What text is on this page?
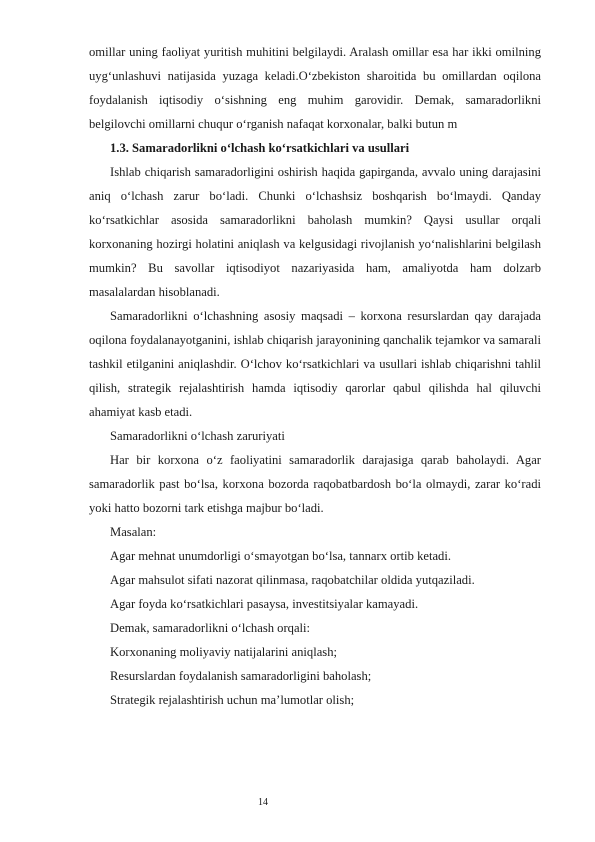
omillar uning faoliyat yuritish muhitini belgilaydi. Aralash omillar esa har ikki omilning uyg‘unlashuvi natijasida yuzaga keladi.O‘zbekiston sharoitida bu omillardan oqilona foydalanish iqtisodiy o‘sishning eng muhim garovidir. Demak, samaradorlikni belgilovchi omillarni chuqur o‘rganish nafaqat korxonalar, balki butun m

1.3. Samaradorlikni o‘lchash ko‘rsatkichlari va usullari

Ishlab chiqarish samaradorligini oshirish haqida gapirganda, avvalo uning darajasini aniq o‘lchash zarur bo‘ladi. Chunki o‘lchashsiz boshqarish bo‘lmaydi. Qanday ko‘rsatkichlar asosida samaradorlikni baholash mumkin? Qaysi usullar orqali korxonaning hozirgi holatini aniqlash va kelgusidagi rivojlanish yo‘nalishlarini belgilash mumkin? Bu savollar iqtisodiyot nazariyasida ham, amaliyotda ham dolzarb masalalardan hisoblanadi.

Samaradorlikni o‘lchashning asosiy maqsadi – korxona resurslardan qay darajada oqilona foydalanayotganini, ishlab chiqarish jarayonining qanchalik tejamkor va samarali tashkil etilganini aniqlashdir. O‘lchov ko‘rsatkichlari va usullari ishlab chiqarishni tahlil qilish, strategik rejalashtirish hamda iqtisodiy qarorlar qabul qilishda hal qiluvchi ahamiyat kasb etadi.

Samaradorlikni o‘lchash zaruriyati

Har bir korxona o‘z faoliyatini samaradorlik darajasiga qarab baholaydi. Agar samaradorlik past bo‘lsa, korxona bozorda raqobatbardosh bo‘la olmaydi, zarar ko‘radi yoki hatto bozorni tark etishga majbur bo‘ladi.

Masalan:

Agar mehnat unumdorligi o‘smayotgan bo‘lsa, tannarx ortib ketadi.

Agar mahsulot sifati nazorat qilinmasa, raqobatchilar oldida yutqaziladi.

Agar foyda ko‘rsatkichlari pasaysa, investitsiyalar kamayadi.

Demak, samaradorlikni o‘lchash orqali:

Korxonaning moliyaviy natijalarini aniqlash;

Resurslardan foydalanish samaradorligini baholash;

Strategik rejalashtirish uchun ma’lumotlar olish;

14
